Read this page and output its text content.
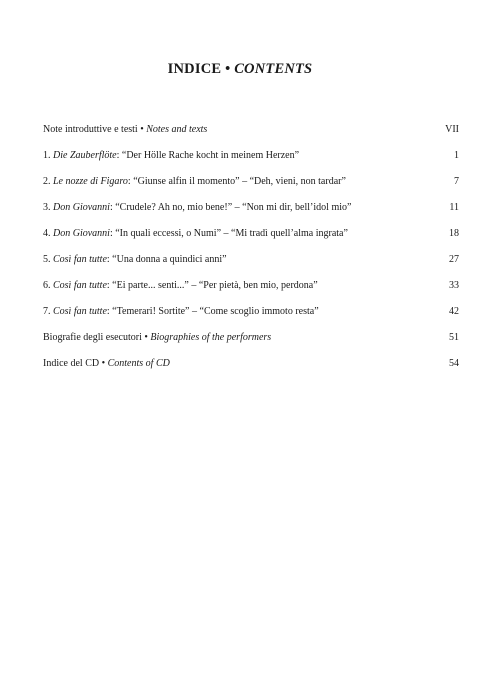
INDICE • CONTENTS
Note introduttive e testi • Notes and texts	VII
1. Die Zauberflöte: “Der Hölle Rache kocht in meinem Herzen”	1
2. Le nozze di Figaro: “Giunse alfin il momento” – “Deh, vieni, non tardar”	7
3. Don Giovanni: “Crudele? Ah no, mio bene!” – “Non mi dir, bell’idol mio”	11
4. Don Giovanni: “In quali eccessi, o Numi” – “Mi tradì quell’alma ingrata”	18
5. Così fan tutte: “Una donna a quindici anni”	27
6. Così fan tutte: “Ei parte... senti...” – “Per pietà, ben mio, perdona”	33
7. Così fan tutte: “Temerari! Sortite” – “Come scoglio immoto resta”	42
Biografie degli esecutori • Biographies of the performers	51
Indice del CD • Contents of CD	54
